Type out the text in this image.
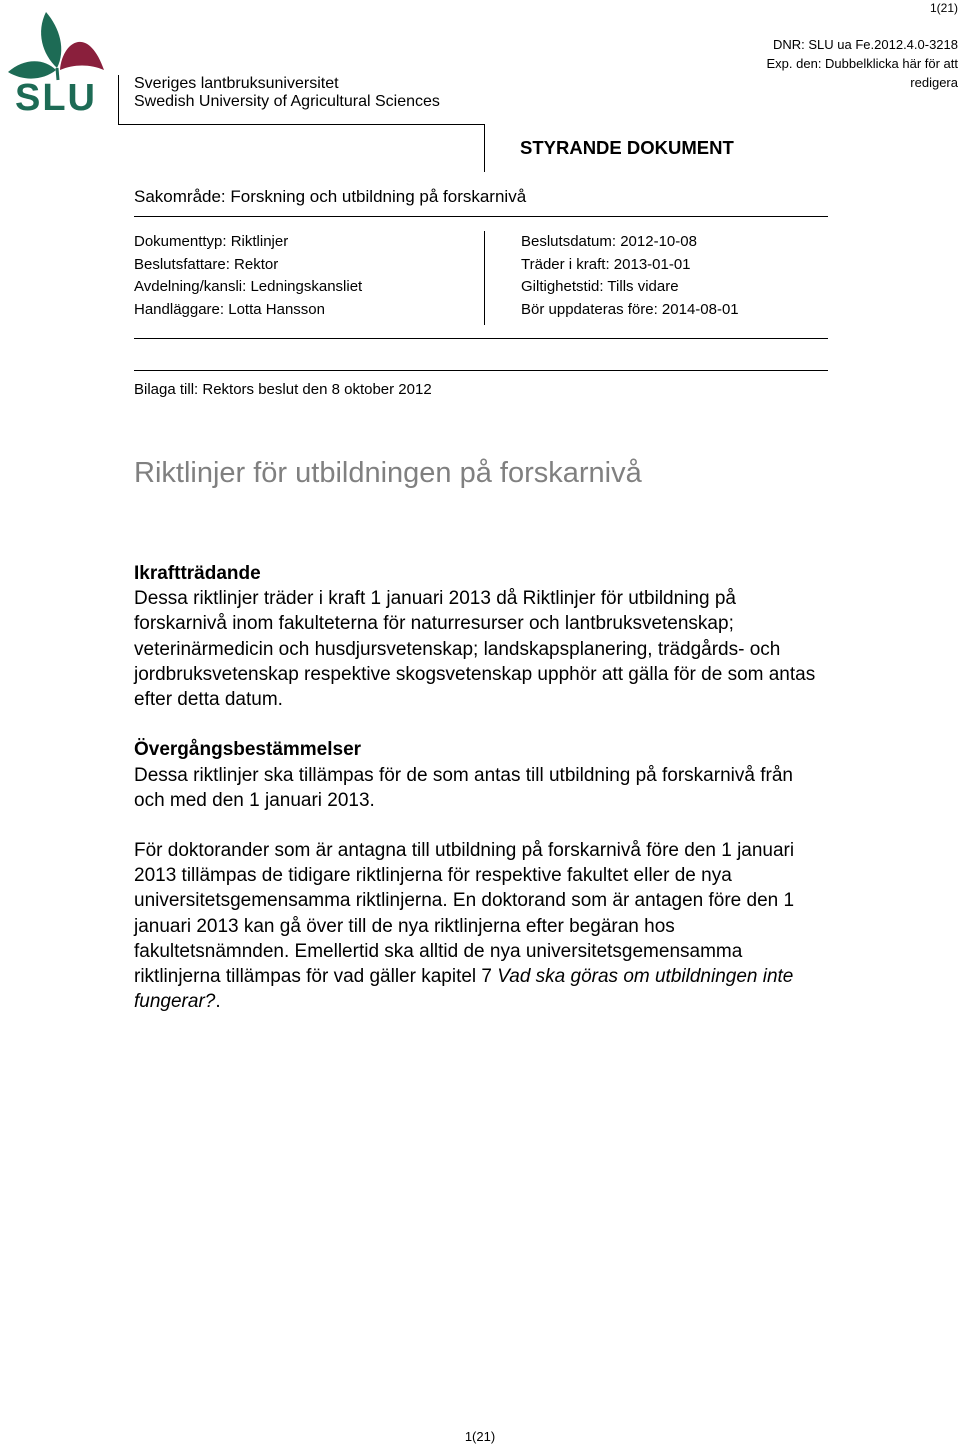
1(21)
DNR: SLU ua Fe.2012.4.0-3218
Exp. den: Dubbelklicka här för att
redigera
SLU Sveriges lantbruksuniversitet
Swedish University of Agricultural Sciences
STYRANDE DOKUMENT
Sakområde: Forskning och utbildning på forskarnivå
Dokumenttyp: Riktlinjer
Beslutsfattare: Rektor
Avdelning/kansli: Ledningskansliet
Handläggare: Lotta Hansson
Beslutsdatum: 2012-10-08
Träder i kraft: 2013-01-01
Giltighetstid: Tills vidare
Bör uppdateras före: 2014-08-01
Bilaga till: Rektors beslut den 8 oktober 2012
Riktlinjer för utbildningen på forskarnivå
Ikraftträdande
Dessa riktlinjer träder i kraft 1 januari 2013 då Riktlinjer för utbildning på
forskarnivå inom fakulteterna för naturresurser och lantbruksvetenskap;
veterinärmedicin och husdjursvetenskap; landskapsplanering, trädgårds- och
jordbruksvetenskap respektive skogsvetenskap upphör att gälla för de som antas
efter detta datum.
Övergångsbestämmelser
Dessa riktlinjer ska tillämpas för de som antas till utbildning på forskarnivå från
och med den 1 januari 2013.
För doktorander som är antagna till utbildning på forskarnivå före den 1 januari
2013 tillämpas de tidigare riktlinjerna för respektive fakultet eller de nya
universitetsgemensamma riktlinjerna. En doktorand som är antagen före den 1
januari 2013 kan gå över till de nya riktlinjerna efter begäran hos
fakultetsnämnden. Emellertid ska alltid de nya universitetsgemensamma
riktlinjerna tillämpas för vad gäller kapitel 7 Vad ska göras om utbildningen inte
fungerar?.
1(21)
